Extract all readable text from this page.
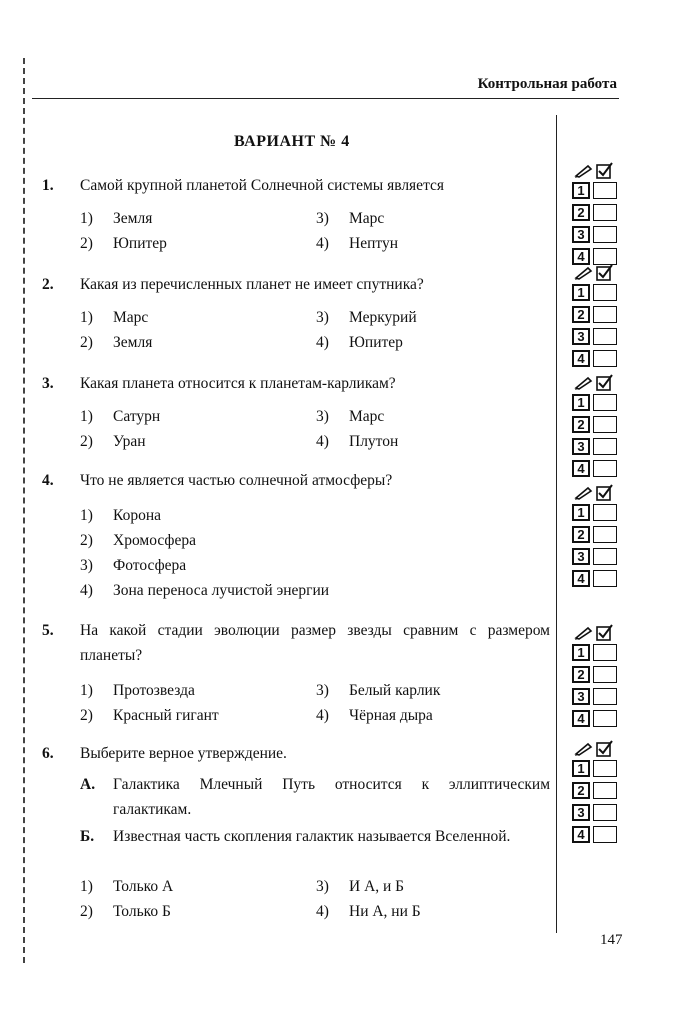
Контрольная работа
ВАРИАНТ № 4
1. Самой крупной планетой Солнечной системы является
1) Земля
2) Юпитер
3) Марс
4) Нептун
2. Какая из перечисленных планет не имеет спутника?
1) Марс
2) Земля
3) Меркурий
4) Юпитер
3. Какая планета относится к планетам-карликам?
1) Сатурн
2) Уран
3) Марс
4) Плутон
4. Что не является частью солнечной атмосферы?
1) Корона
2) Хромосфера
3) Фотосфера
4) Зона переноса лучистой энергии
5. На какой стадии эволюции размер звезды сравним с размером планеты?
1) Протозвезда
2) Красный гигант
3) Белый карлик
4) Чёрная дыра
6. Выберите верное утверждение.
А. Галактика Млечный Путь относится к эллиптическим галактикам.
Б. Известная часть скопления галактик называется Вселенной.
1) Только А
2) Только Б
3) И А, и Б
4) Ни А, ни Б
1
2
3
4
1
2
3
4
1
2
3
4
1
2
3
4
1
2
3
4
1
2
3
4
147
